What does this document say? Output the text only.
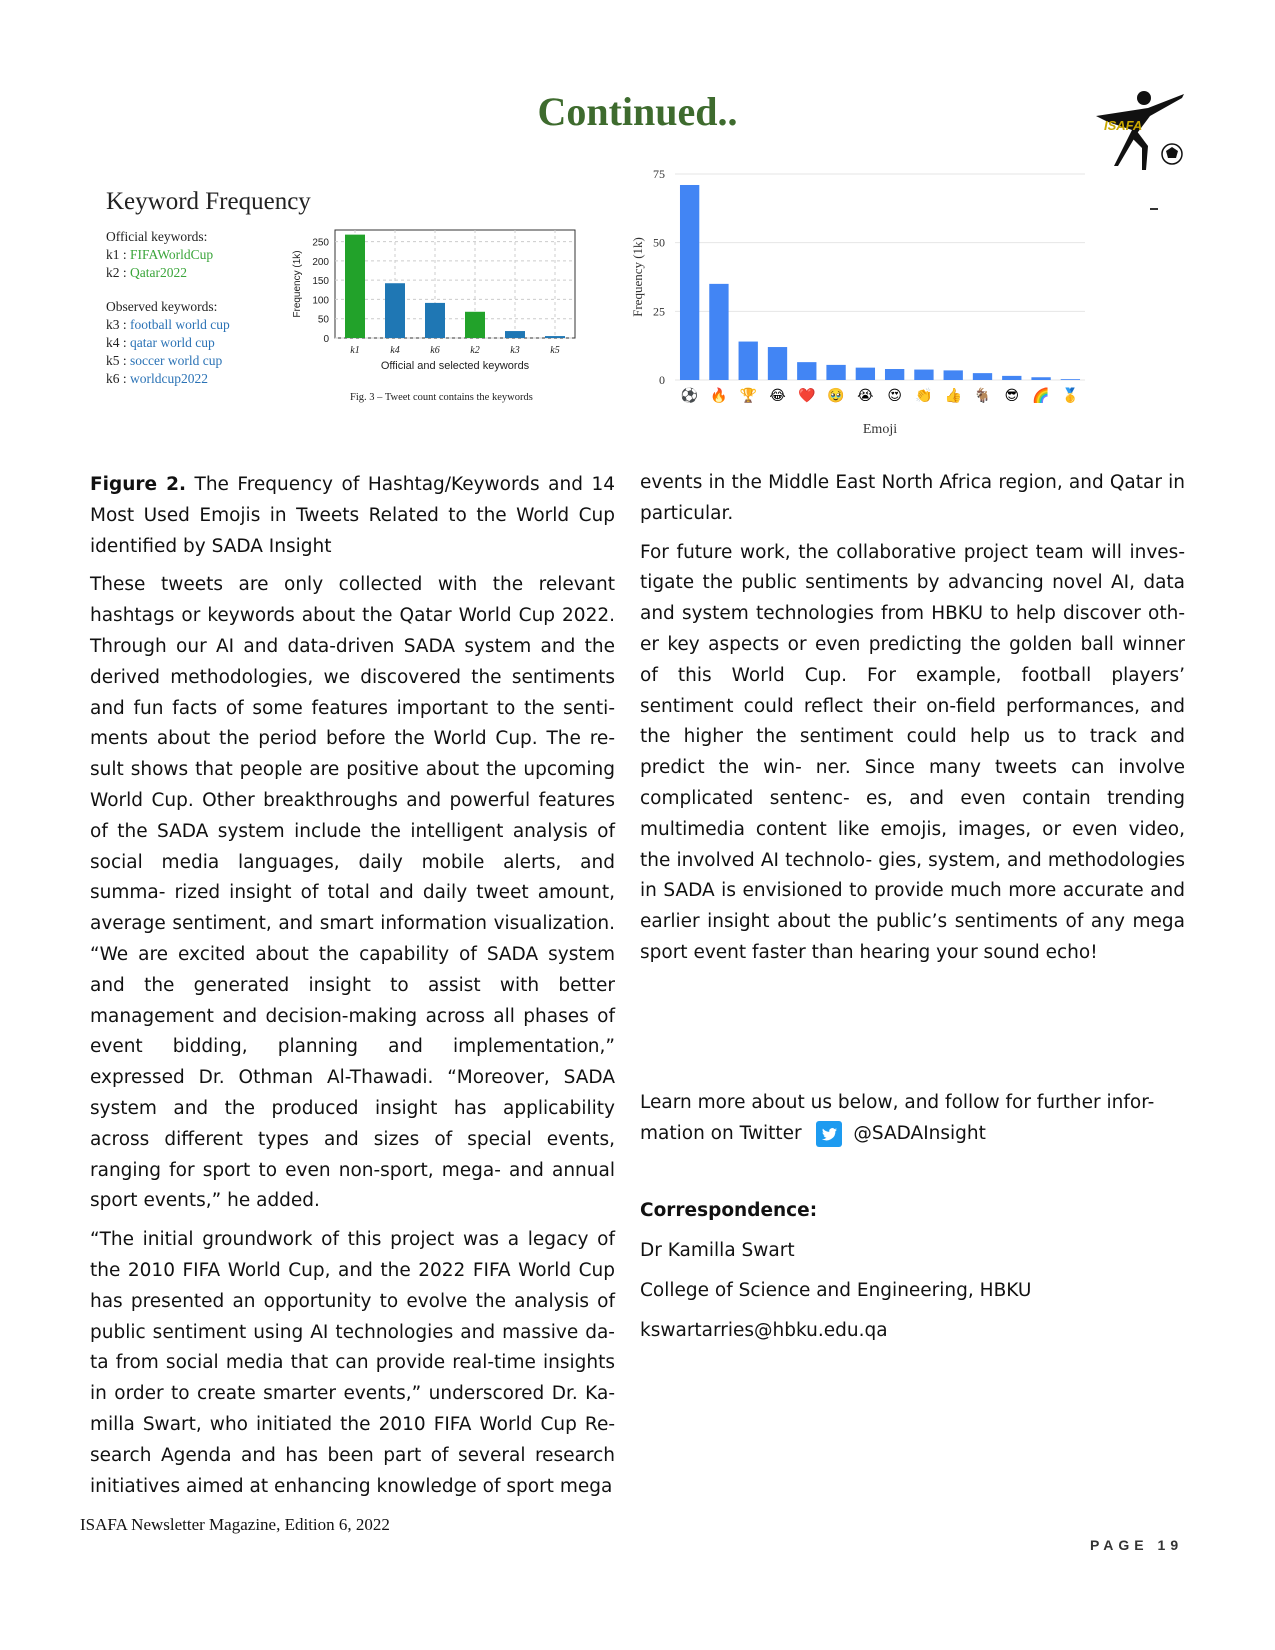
Continued..	ISAFA
Keyword Frequency
Official keywords:
k1 : FIFAWorldCup
k2 : Qatar2022
Observed keywords:
k3 : football world cup
k4 : qatar world cup
k5 : soccer world cup
k6 : worldcup2022
0
50
100
150
200
250
k1	k4	k6	k2	k3	k5
Official and selected keywords
Frequency (1k)
Fig. 3 – Tweet count contains the keywords
0
25
50
75
⚽ 🔥 🏆 😂 ❤️ 🥹 😭 😍 👏 👍 🐐 😎 🌈 🥇
Emoji
Frequency (1k)

Figure 2. The Frequency of Hashtag/Keywords and 14 Most Used Emojis in Tweets Related to the World Cup identified by SADA Insight

These tweets are only collected with the relevant hashtags or keywords about the Qatar World Cup 2022. Through our AI and data-driven SADA system and the derived methodologies, we discovered the sentiments and fun facts of some features important to the senti- ments about the period before the World Cup. The re- sult shows that people are positive about the upcoming World Cup. Other breakthroughs and powerful features of the SADA system include the intelligent analysis of social media languages, daily mobile alerts, and summa- rized insight of total and daily tweet amount, average sentiment, and smart information visualization. “We are excited about the capability of SADA system and the generated insight to assist with better management and decision-making across all phases of event bidding, planning and implementation,” expressed Dr. Othman Al-Thawadi. “Moreover, SADA system and the produced insight has applicability across different types and sizes of special events, ranging for sport to even non-sport, mega- and annual sport events,” he added.

“The initial groundwork of this project was a legacy of the 2010 FIFA World Cup, and the 2022 FIFA World Cup has presented an opportunity to evolve the analysis of public sentiment using AI technologies and massive da- ta from social media that can provide real-time insights in order to create smarter events,” underscored Dr. Ka- milla Swart, who initiated the 2010 FIFA World Cup Re- search Agenda and has been part of several research initiatives aimed at enhancing knowledge of sport mega

events in the Middle East North Africa region, and Qatar in particular.

For future work, the collaborative project team will inves- tigate the public sentiments by advancing novel AI, data and system technologies from HBKU to help discover oth- er key aspects or even predicting the golden ball winner of this World Cup. For example, football players’ sentiment could reflect their on-field performances, and the higher the sentiment could help us to track and predict the win- ner. Since many tweets can involve complicated sentenc- es, and even contain trending multimedia content like emojis, images, or even video, the involved AI technolo- gies, system, and methodologies in SADA is envisioned to provide much more accurate and earlier insight about the public’s sentiments of any mega sport event faster than hearing your sound echo!

Learn more about us below, and follow for further infor- mation on Twitter	@SADAInsight
Correspondence:
Dr Kamilla Swart
College of Science and Engineering, HBKU
kswartarries@hbku.edu.qa
ISAFA Newsletter Magazine, Edition 6, 2022
PAGE 19
